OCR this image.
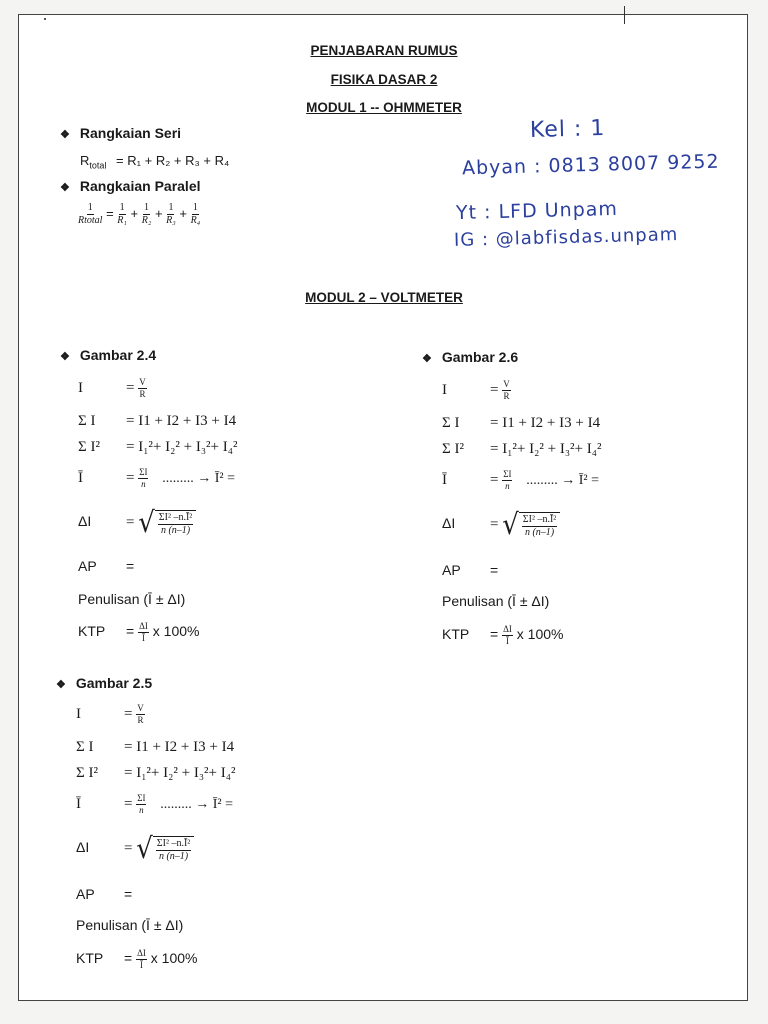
PENJABARAN RUMUS
FISIKA DASAR 2
MODUL 1 -- OHMMETER
Kel : 1
Abyan : 0813 8007 9252
Yt : LFD Unpam
IG : @labfisdas.unpam
❖ Rangkaian Seri
$R_{total} = R_1 + R_2 + R_3 + R_4$
❖ Rangkaian Paralel
$\frac{1}{\text{Rtotal}} = \frac{1}{\text{R₁}} + \frac{1}{\text{R₂}} + \frac{1}{\text{R₃}} + \frac{1}{\text{R₄}}$
MODUL 2 – VOLTMETER
❖ Gambar 2.4
I	= $\frac{V}{R}$
Σ I = I1 + I2 + I3 + I4
Σ I² = I₁²+ I₂² + I₃²+ I₄²
Ī	= $\frac{\Sigma I}{n}$ ......... → Ī² =
ΔI = √ $\frac{\text{ΣI² –n.Ī²}}{n (n-1)}$
AP =
Penulisan (Ī ± ΔI)
KTP = $\frac{\Delta I}{Ī}$ x 100%
❖ Gambar 2.6
I	= $\frac{V}{R}$
Σ I = I1 + I2 + I3 + I4
Σ I² = I₁²+ I₂² + I₃²+ I₄²
Ī	= $\frac{\Sigma I}{n}$ ......... → Ī² =
ΔI = √ $\frac{\text{ΣI² –n.Ī²}}{n (n-1)}$
AP =
Penulisan (Ī ± ΔI)
KTP = $\frac{\Delta I}{Ī}$ x 100%
❖ Gambar 2.5
I	= $\frac{V}{R}$
Σ I = I1 + I2 + I3 + I4
Σ I² = I₁²+ I₂² + I₃²+ I₄²
Ī	= $\frac{\Sigma I}{n}$ ......... → Ī² =
ΔI = √ $\frac{\text{ΣI² –n.Ī²}}{n (n-1)}$
AP =
Penulisan (Ī ± ΔI)
KTP = $\frac{\Delta I}{Ī}$ x 100%
